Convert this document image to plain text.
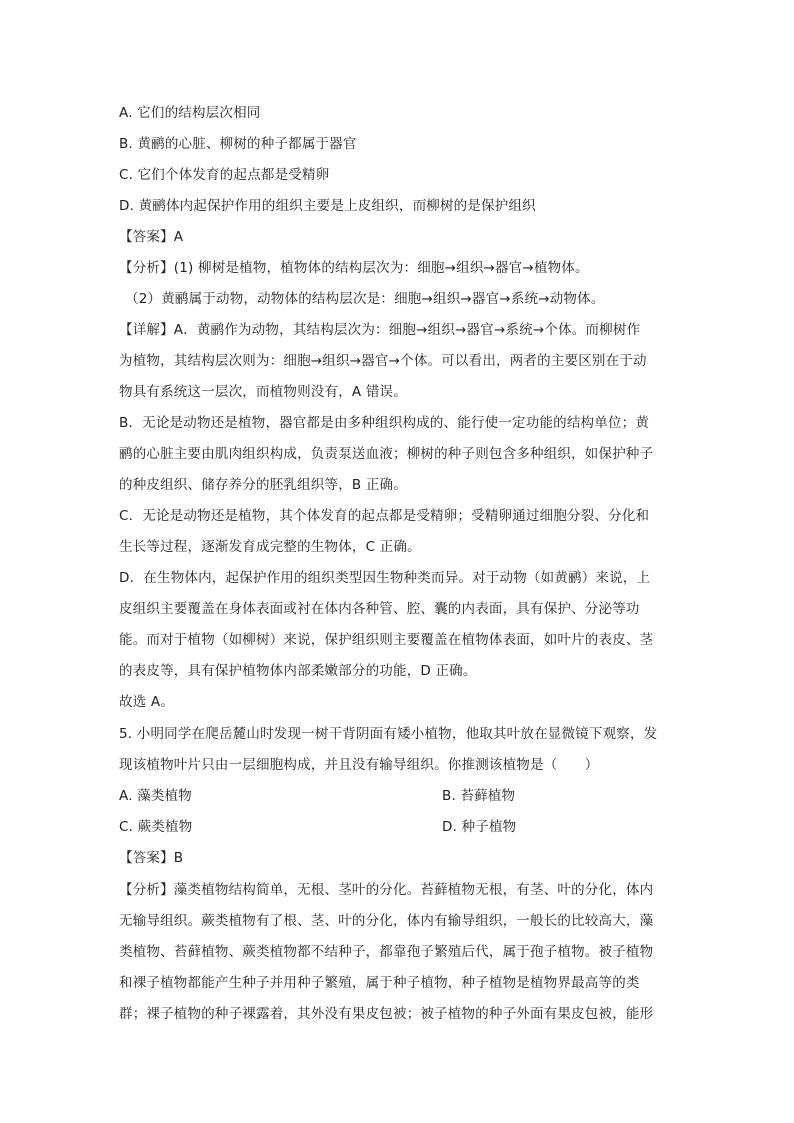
A. 它们的结构层次相同
B. 黄鹂的心脏、柳树的种子都属于器官
C. 它们个体发育的起点都是受精卵
D. 黄鹂体内起保护作用的组织主要是上皮组织，而柳树的是保护组织
【答案】A
【分析】(1) 柳树是植物，植物体的结构层次为：细胞→组织→器官→植物体。
（2）黄鹂属于动物，动物体的结构层次是：细胞→组织→器官→系统→动物体。
【详解】A．黄鹂作为动物，其结构层次为：细胞→组织→器官→系统→个体。而柳树作
为植物，其结构层次则为：细胞→组织→器官→个体。可以看出，两者的主要区别在于动
物具有系统这一层次，而植物则没有，A 错误。
B．无论是动物还是植物，器官都是由多种组织构成的、能行使一定功能的结构单位；黄
鹂的心脏主要由肌肉组织构成，负责泵送血液；柳树的种子则包含多种组织，如保护种子
的种皮组织、储存养分的胚乳组织等，B 正确。
C．无论是动物还是植物，其个体发育的起点都是受精卵；受精卵通过细胞分裂、分化和
生长等过程，逐渐发育成完整的生物体，C 正确。
D．在生物体内，起保护作用的组织类型因生物种类而异。对于动物（如黄鹂）来说，上
皮组织主要覆盖在身体表面或衬在体内各种管、腔、囊的内表面，具有保护、分泌等功
能。而对于植物（如柳树）来说，保护组织则主要覆盖在植物体表面，如叶片的表皮、茎
的表皮等，具有保护植物体内部柔嫩部分的功能，D 正确。
故选 A。
5. 小明同学在爬岳麓山时发现一树干背阴面有矮小植物，他取其叶放在显微镜下观察，发
现该植物叶片只由一层细胞构成，并且没有输导组织。你推测该植物是（　　）
A. 藻类植物	B. 苔藓植物
C. 蕨类植物	D. 种子植物
【答案】B
【分析】藻类植物结构简单，无根、茎叶的分化。苔藓植物无根，有茎、叶的分化，体内
无输导组织。蕨类植物有了根、茎、叶的分化，体内有输导组织，一般长的比较高大，藻
类植物、苔藓植物、蕨类植物都不结种子，都靠孢子繁殖后代，属于孢子植物。被子植物
和裸子植物都能产生种子并用种子繁殖，属于种子植物，种子植物是植物界最高等的类
群；裸子植物的种子裸露着，其外没有果皮包被；被子植物的种子外面有果皮包被，能形
